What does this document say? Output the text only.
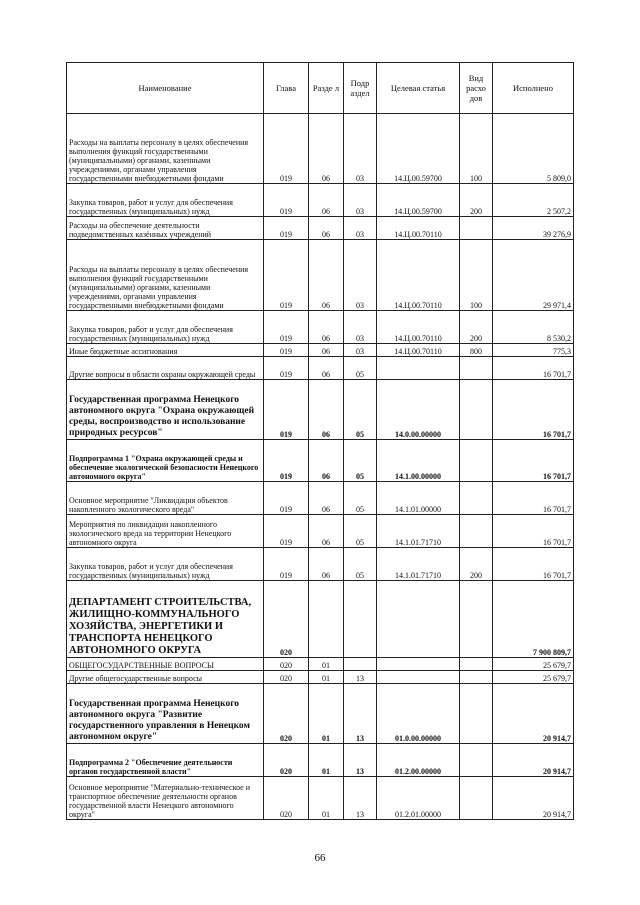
Наименование	Глава	Разде л	Подр аздел	Целевая статья	Вид расхо дов	Исполнено
Расходы на выплаты персоналу в целях обеспечения выполнения функций государственными (муниципальными) органами, казенными учреждениями, органами управления государственными внебюджетными фондами	019	06	03	14.Ц.00.59700	100	5 809,0
Закупка товаров, работ и услуг для обеспечения государственных (муниципальных) нужд	019	06	03	14.Ц.00.59700	200	2 507,2
Расходы на обеспечение деятельности подведомственных казённых учреждений	019	06	03	14.Ц.00.70110		39 276,9
Расходы на выплаты персоналу в целях обеспечения выполнения функций государственными (муниципальными) органами, казенными учреждениями, органами управления государственными внебюджетными фондами	019	06	03	14.Ц.00.70110	100	29 971,4
Закупка товаров, работ и услуг для обеспечения государственных (муниципальных) нужд	019	06	03	14.Ц.00.70110	200	8 530,2
Иные бюджетные ассигнования	019	06	03	14.Ц.00.70110	800	775,3
Другие вопросы в области охраны окружающей среды	019	06	05			16 701,7
Государственная программа Ненецкого автономного округа "Охрана окружающей среды, воспроизводство и использование природных ресурсов"	019	06	05	14.0.00.00000		16 701,7
Подпрограмма 1 "Охрана окружающей среды и обеспечение экологической безопасности Ненецкого автономного округа"	019	06	05	14.1.00.00000		16 701,7
Основное мероприятие "Ликвидация объектов накопленного экологического вреда"	019	06	05	14.1.01.00000		16 701,7
Мероприятия по ликвидации накопленного экологического вреда на территории Ненецкого автономного округа	019	06	05	14.1.01.71710		16 701,7
Закупка товаров, работ и услуг для обеспечения государственных (муниципальных) нужд	019	06	05	14.1.01.71710	200	16 701,7
ДЕПАРТАМЕНТ СТРОИТЕЛЬСТВА, ЖИЛИЩНО-КОММУНАЛЬНОГО ХОЗЯЙСТВА, ЭНЕРГЕТИКИ И ТРАНСПОРТА НЕНЕЦКОГО АВТОНОМНОГО ОКРУГА	020					7 900 809,7
ОБЩЕГОСУДАРСТВЕННЫЕ ВОПРОСЫ	020	01				25 679,7
Другие общегосударственные вопросы	020	01	13			25 679,7
Государственная программа Ненецкого автономного округа "Развитие государственного управления в Ненецком автономном округе"	020	01	13	01.0.00.00000		20 914,7
Подпрограмма 2 "Обеспечение деятельности органов государственной власти"	020	01	13	01.2.00.00000		20 914,7
Основное мероприятие "Материально-техническое и транспортное обеспечение деятельности органов государственной власти Ненецкого автономного округа"	020	01	13	01.2.01.00000		20 914,7
66
